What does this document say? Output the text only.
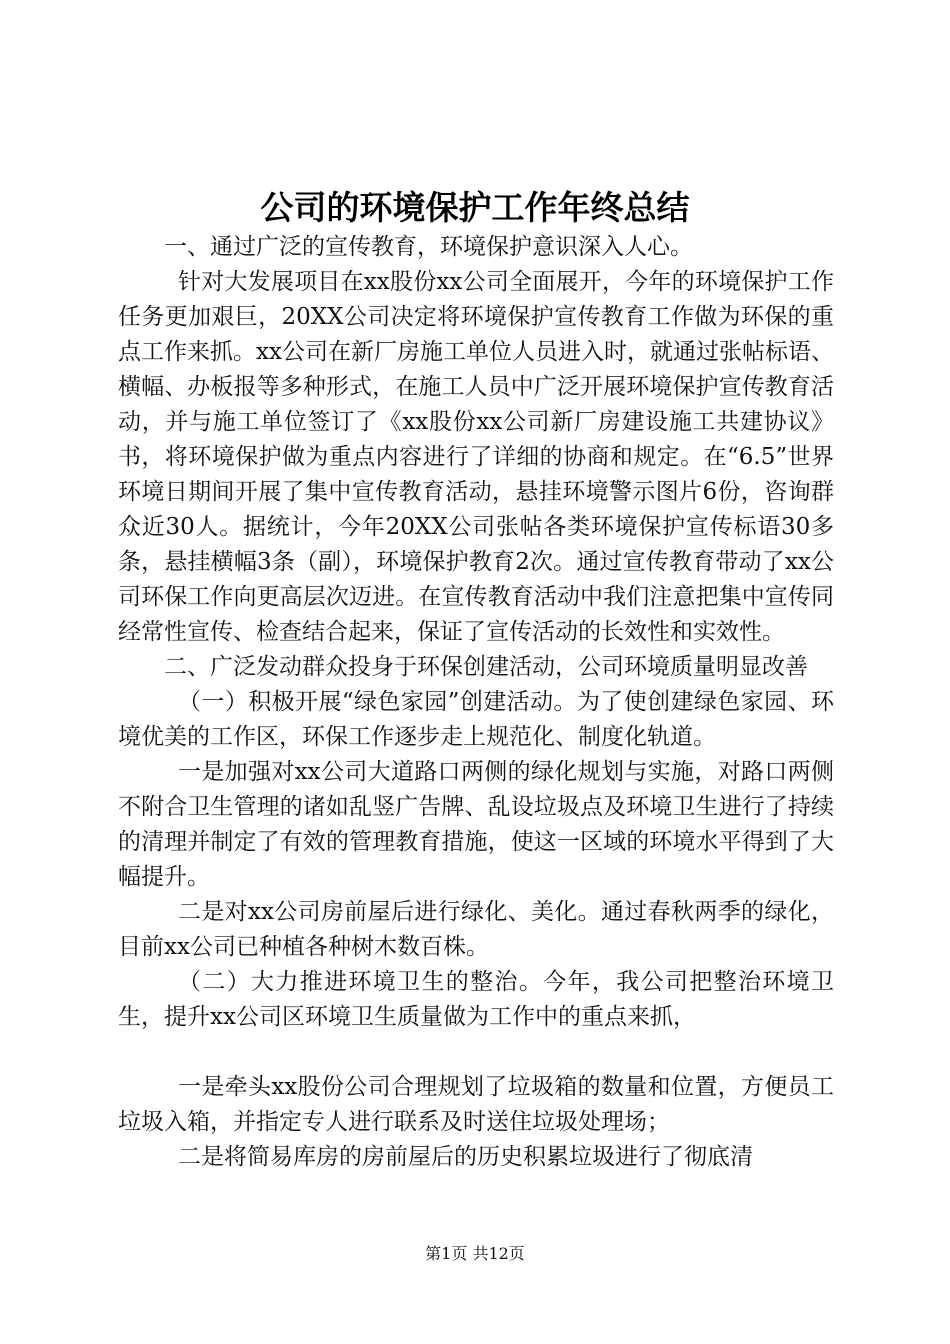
公司的环境保护工作年终总结

一、通过广泛的宣传教育，环境保护意识深入人心。

针对大发展项目在xx股份xx公司全面展开，今年的环境保护工作任务更加艰巨，20XX公司决定将环境保护宣传教育工作做为环保的重点工作来抓。xx公司在新厂房施工单位人员进入时，就通过张帖标语、横幅、办板报等多种形式，在施工人员中广泛开展环境保护宣传教育活动，并与施工单位签订了《xx股份xx公司新厂房建设施工共建协议》书，将环境保护做为重点内容进行了详细的协商和规定。在“6.5”世界环境日期间开展了集中宣传教育活动，悬挂环境警示图片6份，咨询群众近30人。据统计，今年20XX公司张帖各类环境保护宣传标语30多条，悬挂横幅3条（副），环境保护教育2次。通过宣传教育带动了xx公司环保工作向更高层次迈进。在宣传教育活动中我们注意把集中宣传同经常性宣传、检查结合起来，保证了宣传活动的长效性和实效性。

二、广泛发动群众投身于环保创建活动，公司环境质量明显改善

（一）积极开展“绿色家园”创建活动。为了使创建绿色家园、环境优美的工作区，环保工作逐步走上规范化、制度化轨道。

一是加强对xx公司大道路口两侧的绿化规划与实施，对路口两侧不附合卫生管理的诸如乱竖广告牌、乱设垃圾点及环境卫生进行了持续的清理并制定了有效的管理教育措施，使这一区域的环境水平得到了大幅提升。

二是对xx公司房前屋后进行绿化、美化。通过春秋两季的绿化，目前xx公司已种植各种树木数百株。

（二）大力推进环境卫生的整治。今年，我公司把整治环境卫生，提升xx公司区环境卫生质量做为工作中的重点来抓，

一是牵头xx股份公司合理规划了垃圾箱的数量和位置，方便员工垃圾入箱，并指定专人进行联系及时送住垃圾处理场；

二是将简易库房的房前屋后的历史积累垃圾进行了彻底清

第1页 共12页
